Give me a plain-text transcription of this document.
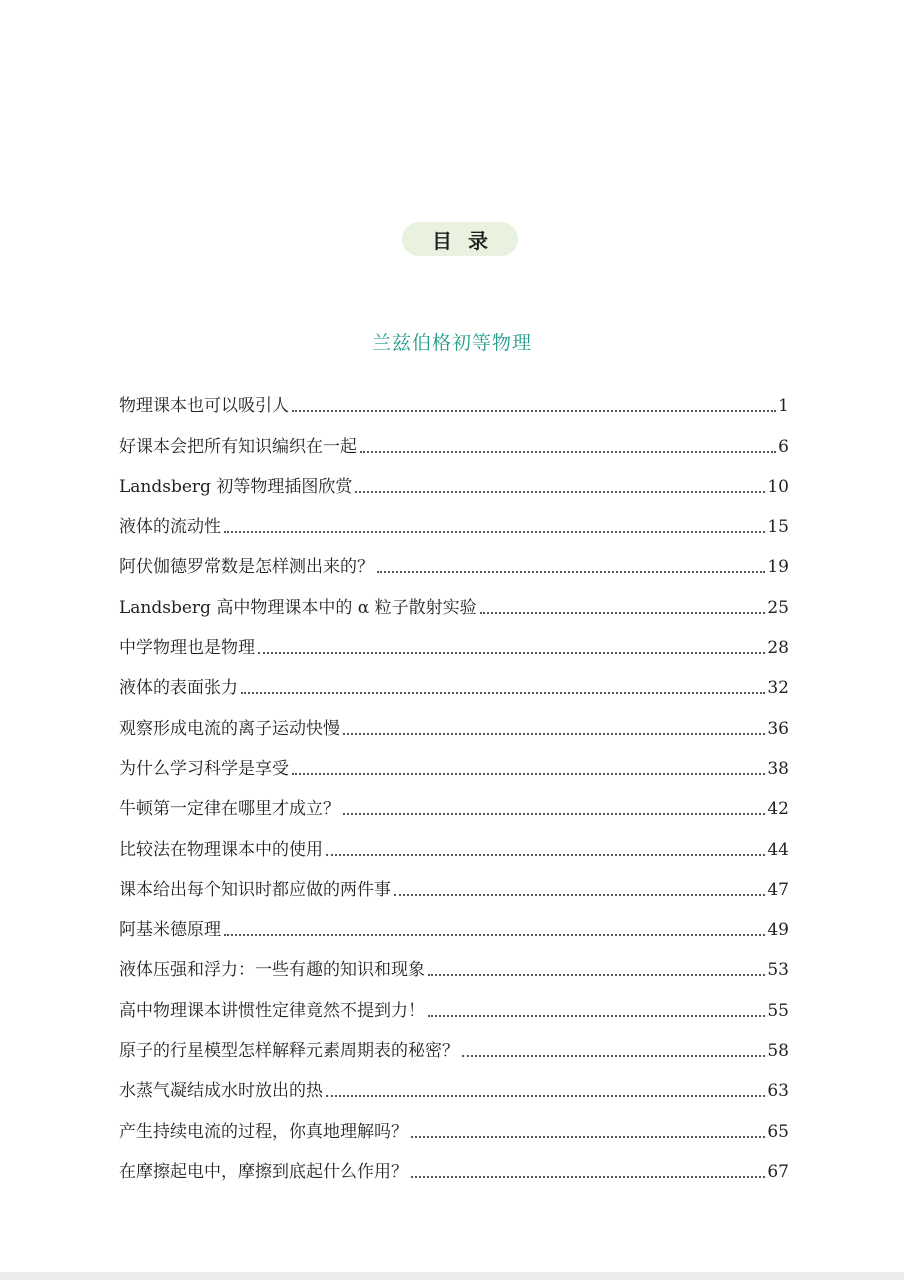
目录
兰兹伯格初等物理
物理课本也可以吸引人	1
好课本会把所有知识编织在一起	6
Landsberg 初等物理插图欣赏	10
液体的流动性	15
阿伏伽德罗常数是怎样测出来的？	19
Landsberg 高中物理课本中的 α 粒子散射实验	25
中学物理也是物理	28
液体的表面张力	32
观察形成电流的离子运动快慢	36
为什么学习科学是享受	38
牛顿第一定律在哪里才成立？	42
比较法在物理课本中的使用	44
课本给出每个知识时都应做的两件事	47
阿基米德原理	49
液体压强和浮力：一些有趣的知识和现象	53
高中物理课本讲惯性定律竟然不提到力！	55
原子的行星模型怎样解释元素周期表的秘密？	58
水蒸气凝结成水时放出的热	63
产生持续电流的过程，你真地理解吗？	65
在摩擦起电中，摩擦到底起什么作用？	67
